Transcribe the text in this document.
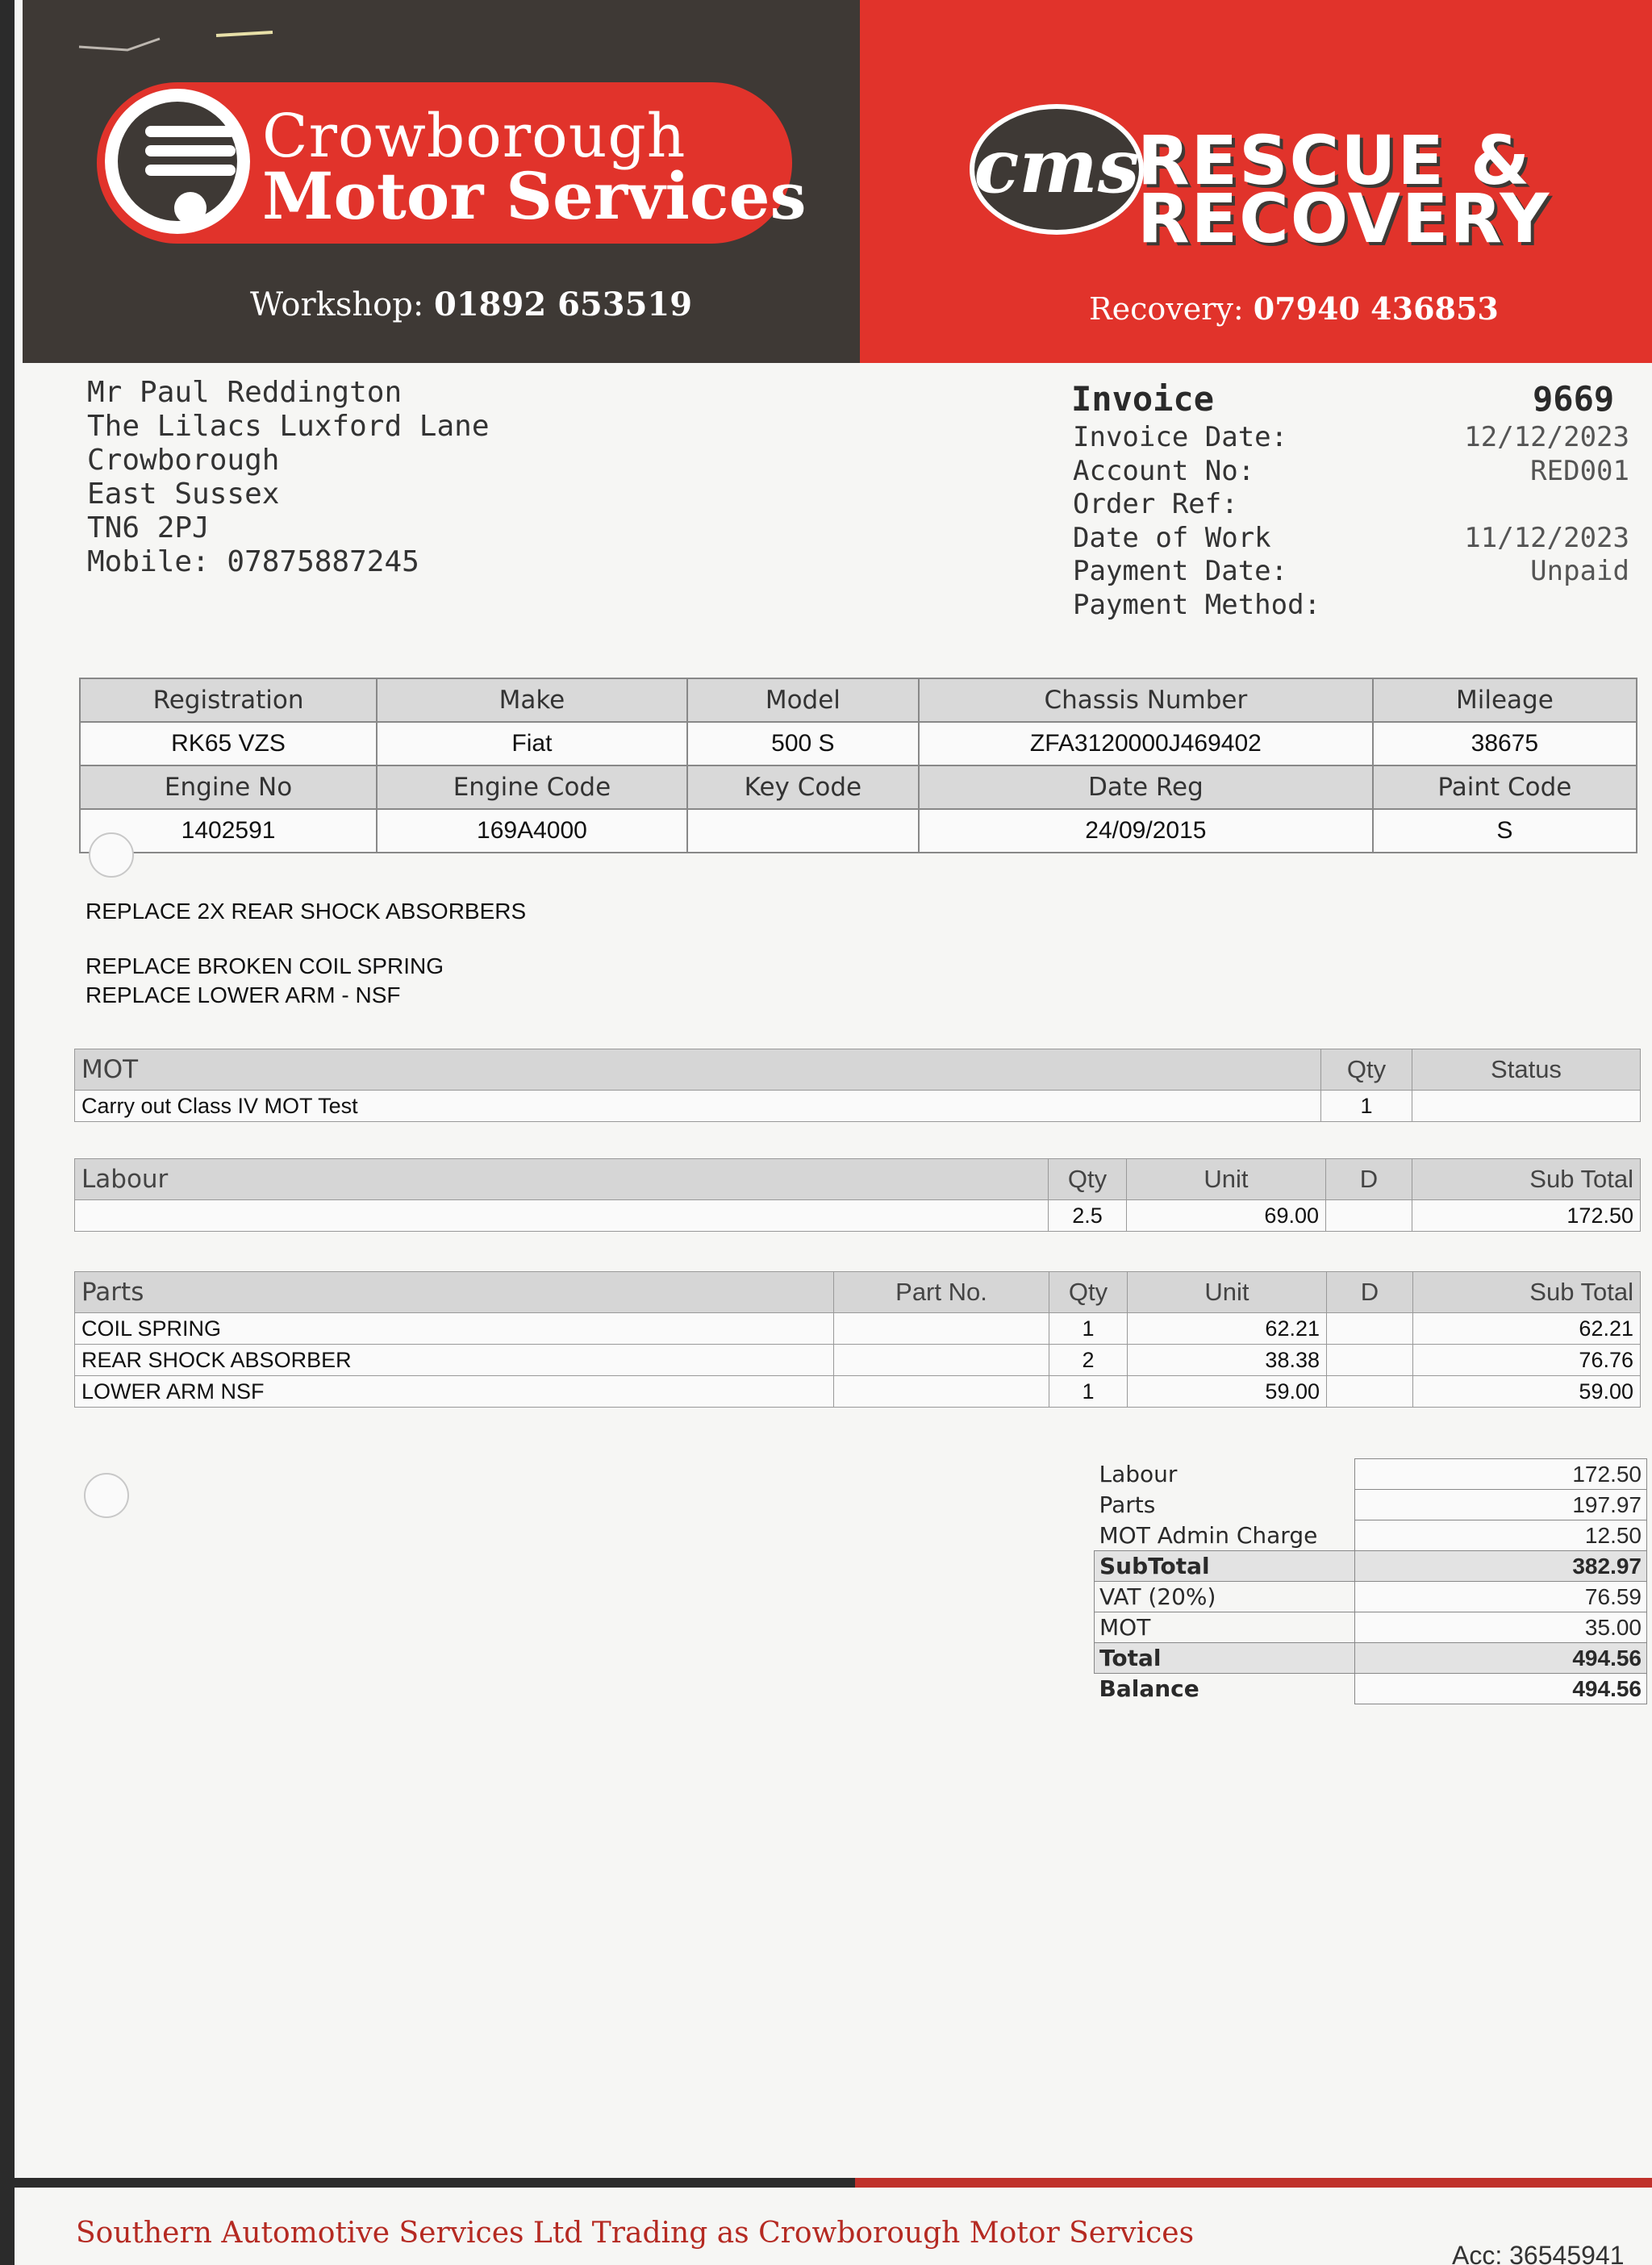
Crowborough
Motor Services
Workshop: 01892 653519
cms
RESCUE &
RECOVERY
Recovery: 07940 436853
Mr Paul Reddington
The Lilacs Luxford Lane
Crowborough
East Sussex
TN6 2PJ
Mobile: 07875887245
Invoice	9669
Invoice Date:	12/12/2023
Account No:	RED001
Order Ref:
Date of Work	11/12/2023
Payment Date:	Unpaid
Payment Method:
Registration	Make	Model	Chassis Number	Mileage
RK65 VZS	Fiat	500 S	ZFA3120000J469402	38675
Engine No	Engine Code	Key Code	Date Reg	Paint Code
1402591	169A4000		24/09/2015	S
REPLACE 2X REAR SHOCK ABSORBERS
REPLACE BROKEN COIL SPRING
REPLACE LOWER ARM - NSF
MOT	Qty	Status
Carry out Class IV MOT Test	1	
Labour	Qty	Unit	D	Sub Total
	2.5	69.00		172.50
Parts	Part No.	Qty	Unit	D	Sub Total
COIL SPRING		1	62.21		62.21
REAR SHOCK ABSORBER		2	38.38		76.76
LOWER ARM NSF		1	59.00		59.00
Labour	172.50
Parts	197.97
MOT Admin Charge	12.50
SubTotal	382.97
VAT (20%)	76.59
MOT	35.00
Total	494.56
Balance	494.56
Southern Automotive Services Ltd Trading as Crowborough Motor Services
Acc: 36545941
